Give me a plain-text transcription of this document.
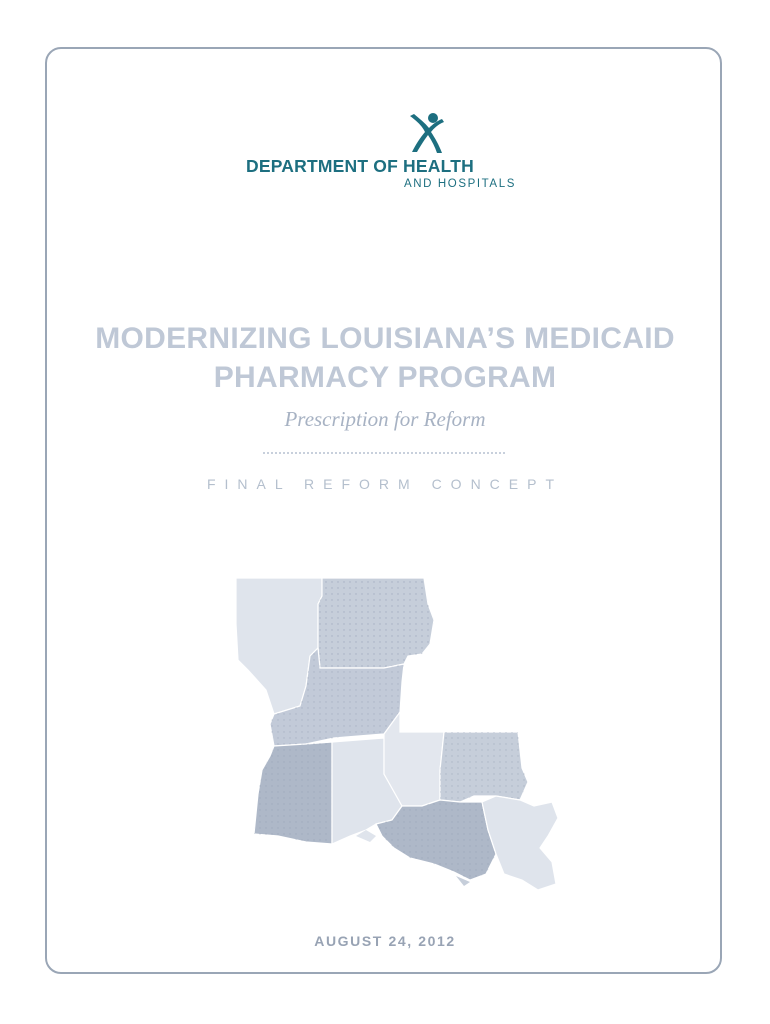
DEPARTMENT OF HEALTH
AND HOSPITALS
MODERNIZING LOUISIANA’S MEDICAID
PHARMACY PROGRAM
Prescription for Reform
FINAL REFORM CONCEPT
AUGUST 24, 2012
